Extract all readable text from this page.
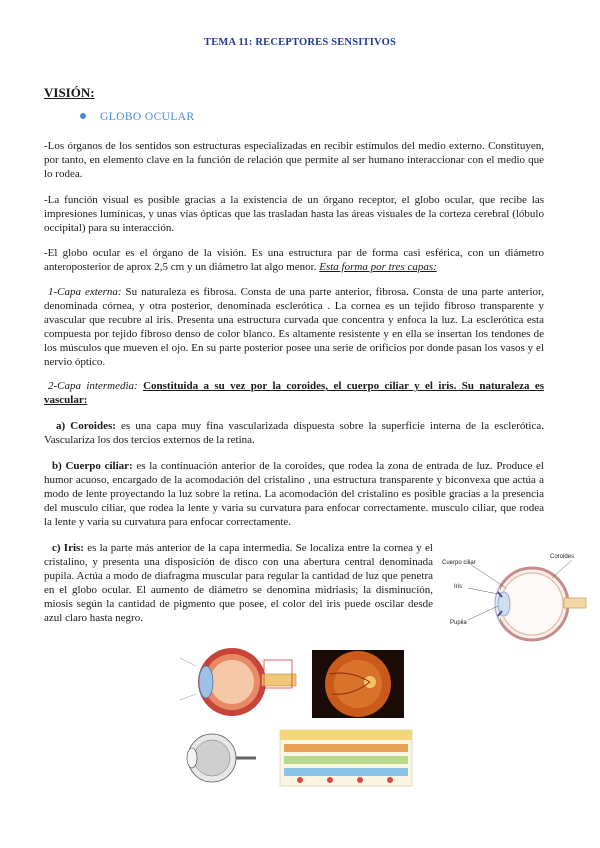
TEMA 11: RECEPTORES SENSITIVOS
VISIÓN:
GLOBO OCULAR

-Los órganos de los sentidos son estructuras especializadas en recibir estímulos del medio externo. Constituyen, por tanto, en elemento clave en la función de relación que permite al ser humano interaccionar con el medio que lo rodea.

-La función visual es posible gracias a la existencia de un órgano receptor, el globo ocular, que recibe las impresiones lumínicas, y unas vías ópticas que las trasladan hasta las áreas visuales de la corteza cerebral (lóbulo occipital) para su interacción.

-El globo ocular es el órgano de la visión. Es una estructura par de forma casi esférica, con un diámetro anteroposterior de aprox 2,5 cm y un diámetro lat algo menor. Esta forma por tres capas:

1-Capa externa: Su naturaleza es fibrosa. Consta de una parte anterior, fibrosa. Consta de una parte anterior, denominada córnea, y otra posterior, denominada esclerótica . La cornea es un tejido fibroso transparente y avascular que recubre al iris. Presenta una estructura curvada que concentra y enfoca la luz. La esclerótica esta compuesta por tejido fibroso denso de color blanco. Es altamente resistente y en ella se insertan los tendones de los músculos que mueven el ojo. En su parte posterior posee una serie de orificios por donde pasan los vasos y el nervio óptico.

2-Capa intermedia: Constituida a su vez por la coroides, el cuerpo ciliar y el iris. Su naturaleza es vascular:

a) Coroides: es una capa muy fina vascularizada dispuesta sobre la superficie interna de la esclerótica. Vasculariza los dos tercios externos de la retina.

b) Cuerpo ciliar: es la continuación anterior de la coroides, que rodea la zona de entrada de luz. Produce el humor acuoso, encargado de la acomodación del cristalino , una estructura transparente y biconvexa que actúa a modo de lente proyectando la luz sobre la retina. La acomodación del cristalino es posible gracias a la presencia del musculo ciliar, que rodea la lente y varia su curvatura para enfocar correctamente. musculo ciliar, que rodea la lente y varia su curvatura para enfocar correctamente.

c) Iris: es la parte más anterior de la capa intermedia. Se localiza entre la cornea y el cristalino, y presenta una disposición de disco con una abertura central denominada pupila. Actúa a modo de diafragma muscular para regular la cantidad de luz que penetra en el globo ocular. El aumento de diámetro se denomina midriasis; la disminución, miosis según la cantidad de pigmento que posee, el color del iris puede oscilar desde azul claro hasta negro.

Coroides
Cuerpo ciliar
Iris
Pupila
